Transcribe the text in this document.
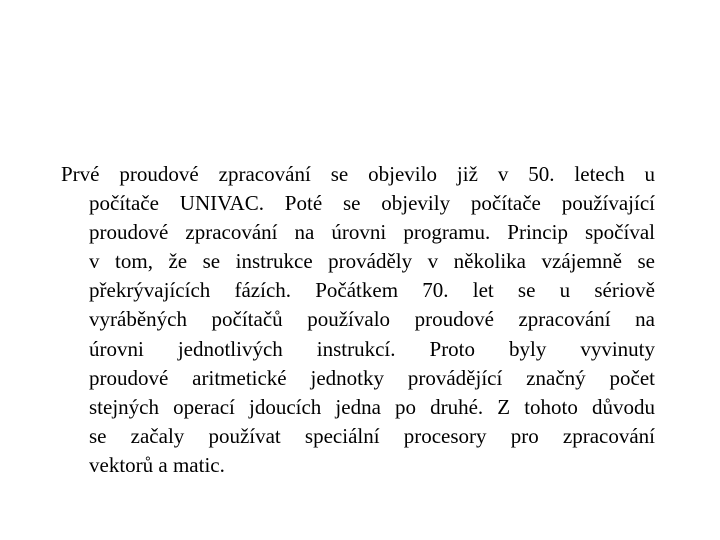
Prvé proudové zpracování se objevilo již v 50. letech u
počítače UNIVAC. Poté se objevily počítače používající
proudové zpracování na úrovni programu. Princip spočíval
v tom, že se instrukce prováděly v několika vzájemně se
překrývajících fázích. Počátkem 70. let se u sériově
vyráběných počítačů používalo proudové zpracování na
úrovni jednotlivých instrukcí. Proto byly vyvinuty
proudové aritmetické jednotky provádějící značný počet
stejných operací jdoucích jedna po druhé. Z tohoto důvodu
se začaly používat speciální procesory pro zpracování
vektorů a matic.
